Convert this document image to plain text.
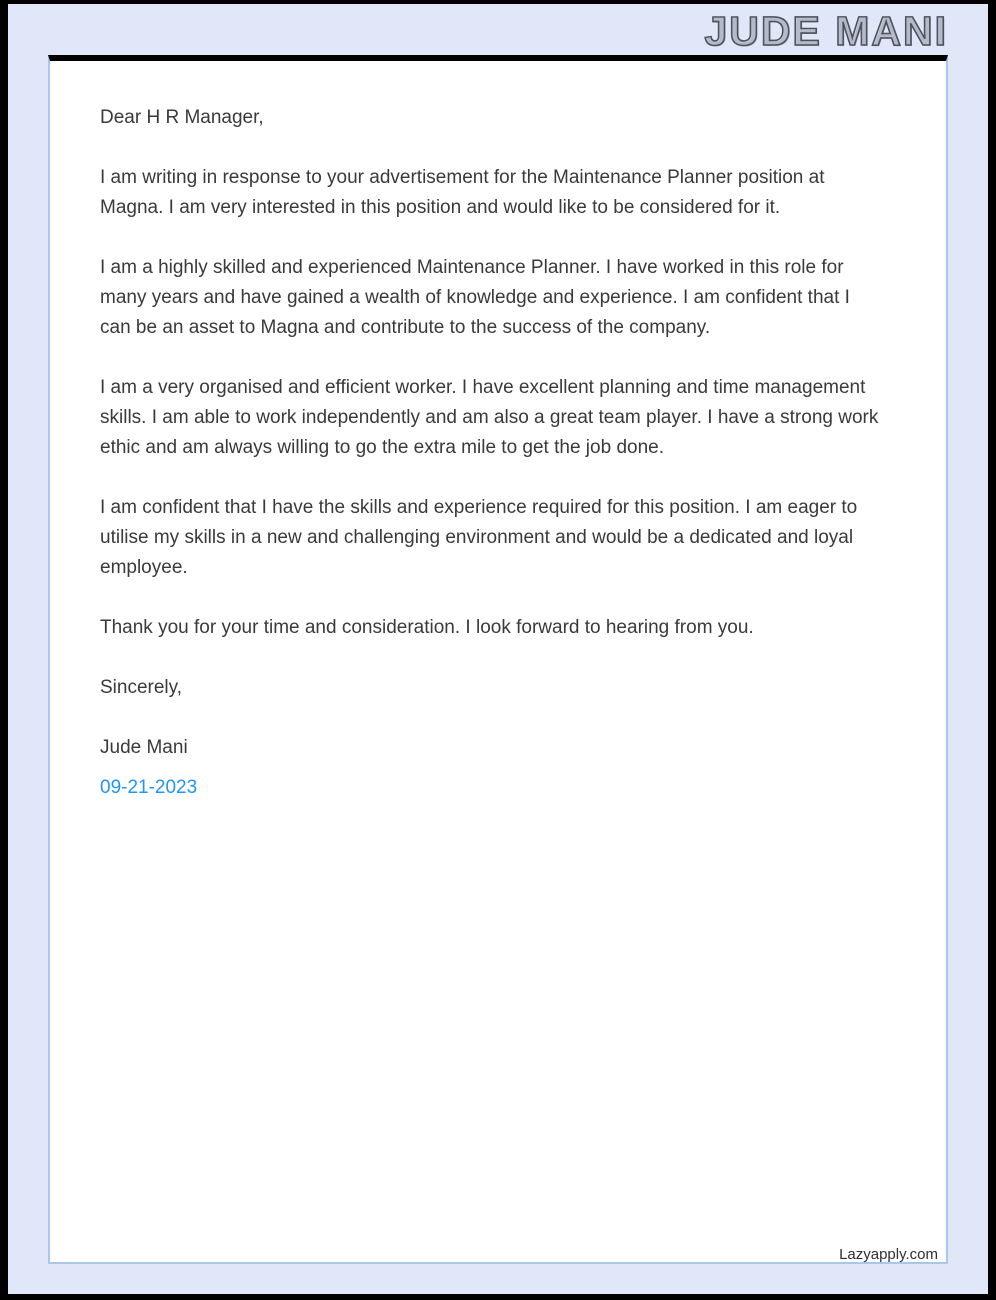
JUDE MANI

Dear H R Manager,

I am writing in response to your advertisement for the Maintenance Planner position at Magna. I am very interested in this position and would like to be considered for it.

I am a highly skilled and experienced Maintenance Planner. I have worked in this role for many years and have gained a wealth of knowledge and experience. I am confident that I can be an asset to Magna and contribute to the success of the company.

I am a very organised and efficient worker. I have excellent planning and time management skills. I am able to work independently and am also a great team player. I have a strong work ethic and am always willing to go the extra mile to get the job done.

I am confident that I have the skills and experience required for this position. I am eager to utilise my skills in a new and challenging environment and would be a dedicated and loyal employee.

Thank you for your time and consideration. I look forward to hearing from you.

Sincerely,

Jude Mani

09-21-2023

Lazyapply.com
